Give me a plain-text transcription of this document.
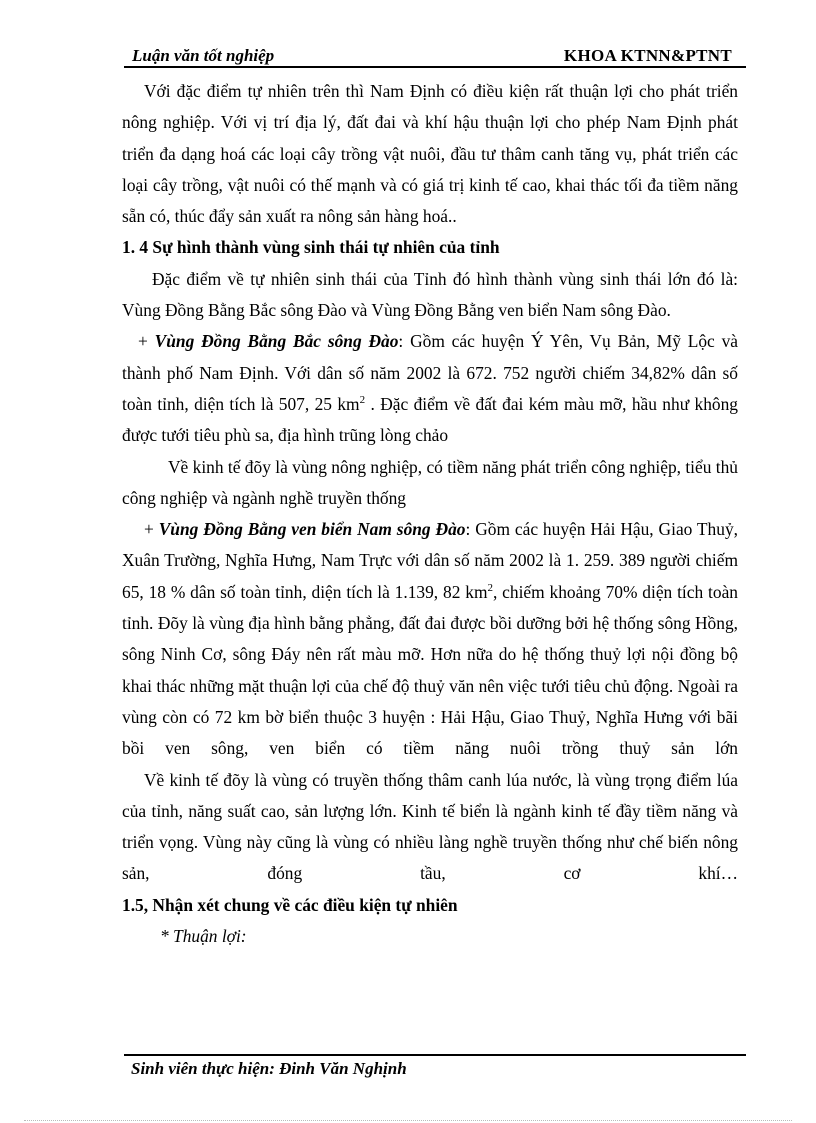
Luận văn tốt nghiệp	KHOA KTNN&PTNT

Với đặc điểm tự nhiên trên thì Nam Định có điều kiện rất thuận lợi cho phát triển nông nghiệp. Với vị trí địa lý, đất đai và khí hậu thuận lợi cho phép Nam Định phát triển đa dạng hoá các loại cây trồng vật nuôi, đầu tư thâm canh tăng vụ, phát triển các loại cây trồng, vật nuôi có thế mạnh và có giá trị kinh tế cao, khai thác tối đa tiềm năng sẵn có, thúc đẩy sản xuất ra nông sản hàng hoá..

1. 4 Sự hình thành vùng sinh thái tự nhiên của tỉnh

Đặc điểm về tự nhiên sinh thái của Tỉnh đó hình thành vùng sinh thái lớn đó là: Vùng Đồng Bằng Bắc sông Đào và Vùng Đồng Bằng ven biển Nam sông Đào.

+ Vùng Đồng Bằng Bắc sông Đào: Gồm các huyện Ý Yên, Vụ Bản, Mỹ Lộc và thành phố Nam Định. Với dân số năm 2002 là 672. 752 người chiếm 34,82% dân số toàn tỉnh, diện tích là 507, 25 $km^2$ . Đặc điểm về đất đai kém màu mỡ, hầu như không được tưới tiêu phù sa, địa hình trũng lòng chảo

Về kinh tế đõy là vùng nông nghiệp, có tiềm năng phát triển công nghiệp, tiểu thủ công nghiệp và ngành nghề truyền thống

+ Vùng Đồng Bằng ven biển Nam sông Đào: Gồm các huyện Hải Hậu, Giao Thuỷ, Xuân Trường, Nghĩa Hưng, Nam Trực với dân số năm 2002 là 1. 259. 389 người chiếm 65, 18 % dân số toàn tỉnh, diện tích là 1.139, 82 $km^2$, chiếm khoảng 70% diện tích toàn tỉnh. Đõy là vùng địa hình bằng phẳng, đất đai được bồi dưỡng bởi hệ thống sông Hồng, sông Ninh Cơ, sông Đáy nên rất màu mỡ. Hơn nữa do hệ thống thuỷ lợi nội đồng bộ khai thác những mặt thuận lợi của chế độ thuỷ văn nên việc tưới tiêu chủ động. Ngoài ra vùng còn có 72 km bờ biển thuộc 3 huyện : Hải Hậu, Giao Thuỷ, Nghĩa Hưng với bãi bồi ven sông, ven biển có tiềm năng nuôi trồng thuỷ sản lớn

Về kinh tế đõy là vùng có truyền thống thâm canh lúa nước, là vùng trọng điểm lúa của tỉnh, năng suất cao, sản lượng lớn. Kinh tế biển là ngành kinh tế đầy tiềm năng và triển vọng. Vùng này cũng là vùng có nhiều làng nghề truyền thống như chế biến nông sản, đóng tầu, cơ khí…

1.5, Nhận xét chung về các điều kiện tự nhiên

* Thuận lợi:

Sinh viên thực hiện: Đinh Văn Nghịnh
